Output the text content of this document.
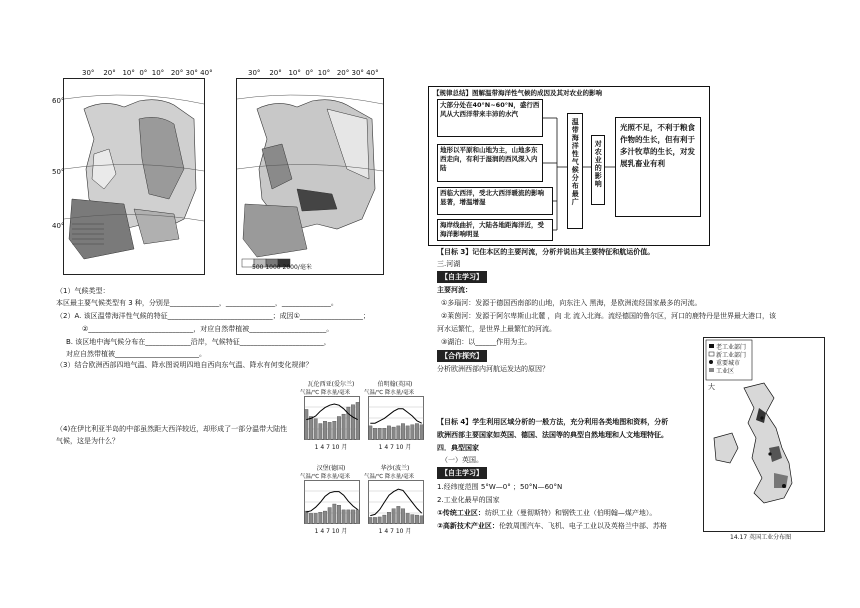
30° 20° 10° 0° 10° 20° 30° 40°
60°
50°
40°
30° 20° 10° 0° 10° 20° 30° 40°
500 1000 2000/毫米
（1）气候类型：
本区最主要气候类型有 3 种，分别是______________，______________，______________。
（2）A. 该区温带海洋性气候的特征______________________________；成因①__________________；
②______________________________，对应自然带植被______________________。
B. 该区地中海气候分布在_____________沿岸，气候特征________________________，
对应自然带植被________________________。
（3）结合欧洲西部四地气温、降水图说明四地自西向东气温、降水有何变化规律？
（4)在伊比利亚半岛的中部虽然距大西洋较近，却形成了一部分温带大陆性
气候，这是为什么？
瓦伦西亚(爱尔兰)
气温/℃ 降水量/毫米
1 4 7 10 月
伯明翰(英国)
气温/℃ 降水量/毫米
1 4 7 10 月
汉堡(德国)
气温/℃ 降水量/毫米
1 4 7 10 月
华沙(波兰)
气温/℃ 降水量/毫米
1 4 7 10 月
【规律总结】图解温带海洋性气候的成因及其对农业的影响
大部分处在40°N~60°N，盛行西风从大西洋带来丰沛的水汽
地形以平原和山地为主，山地多东西走向，有利于湿润的西风深入内陆
西临大西洋，受北大西洋暖流的影响显著，增温增湿
海岸线曲折，大陆各地距海洋近，受海洋影响明显
温带海洋性气候分布最广	对农业的影响
光照不足，不利于粮食作物的生长，但有利于多汁牧草的生长，对发展乳畜业有利
【目标 3】记住本区的主要河流，分析并说出其主要特征和航运价值。
三.河湖
【自主学习】
主要河流：
①多瑙河：发源于德国西南部的山地，向东注入 黑海，是欧洲流经国家最多的河流。
②莱茵河：发源于阿尔卑斯山北麓 ，向 北 流入北海。流经德国的鲁尔区，河口的鹿特丹是世界最大港口，该
河水运繁忙，是世界上最繁忙的河流。
③湖泊：以______作用为主。
【合作探究】
分析欧洲西部内河航运发达的原因？
【目标 4】学生利用区域分析的一般方法，充分利用各类地图和资料，分析
欧洲西部主要国家如英国、德国、法国等的典型自然地理和人文地理特征。
四．典型国家
（一）英国。
【自主学习】
1.经纬度范围 5°W—0° ；50°N—60°N
2.工业化最早的国家
①传统工业区：纺织工业（曼彻斯特）和钢铁工业（伯明翰—煤产地）。
②高新技术产业区：伦敦周围汽车、飞机、电子工业以及英格兰中部、苏格
老工业部门
新工业部门
重要城市
工业区
大
14.17 英国工业分布图
